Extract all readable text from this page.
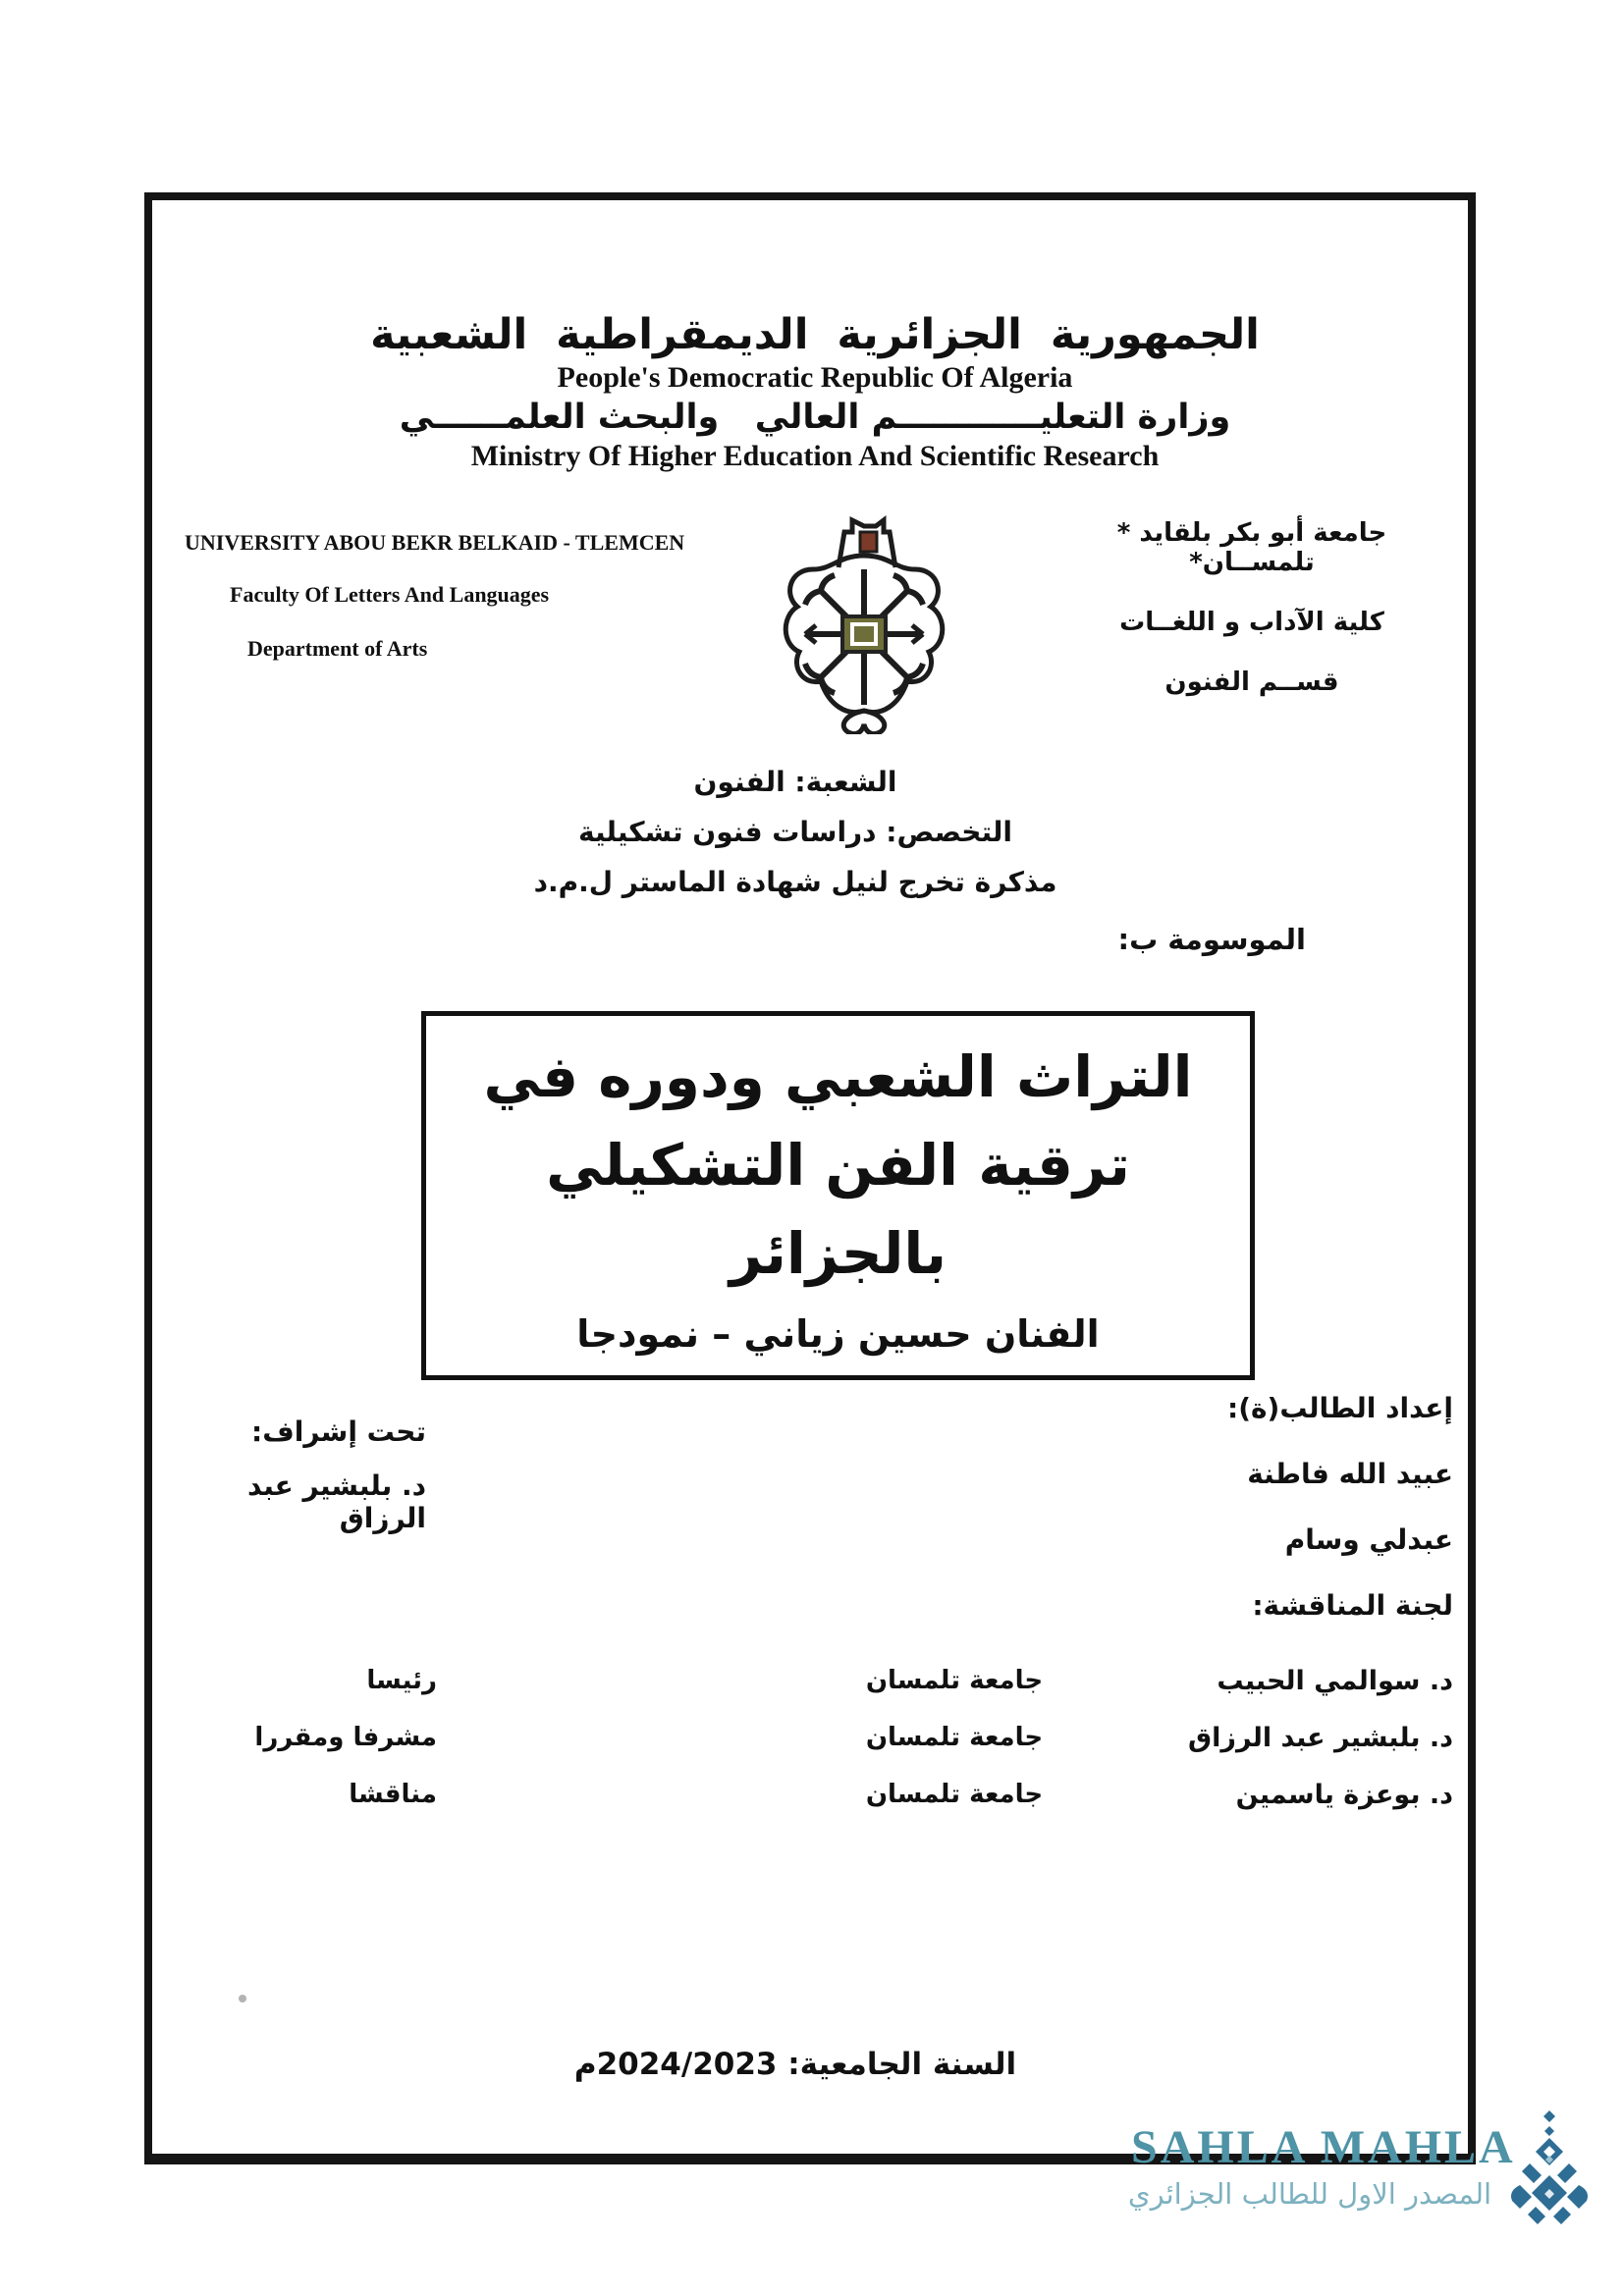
الجمهورية الجزائرية الديمقراطية الشعبية
People's Democratic Republic Of Algeria
وزارة التعليــــــــــــم العالي   والبحث العلمــــــي
Ministry Of Higher Education And Scientific Research
UNIVERSITY ABOU BEKR BELKAID - TLEMCEN
Faculty Of Letters And Languages
Department of Arts
جامعة أبو بكر بلقايد * تلمســان*
كلية الآداب و اللغــات
قســم الفنون
الشعبة: الفنون
التخصص: دراسات فنون تشكيلية
مذكرة تخرج لنيل شهادة الماستر ل.م.د
الموسومة ب:
التراث الشعبي ودوره في
ترقية الفن التشكيلي بالجزائر
الفنان حسين زياني – نمودجا
إعداد الطالب(ة):
عبيد الله فاطنة
عبدلي وسام
لجنة المناقشة:
تحت إشراف:
د. بلبشير عبد الرزاق
د. سوالمي الحبيب
جامعة تلمسان
رئيسا
د. بلبشير عبد الرزاق
جامعة تلمسان
مشرفا ومقررا
د. بوعزة ياسمين
جامعة تلمسان
مناقشا
السنة الجامعية: 2024/2023م
SAHLA MAHLA
المصدر الاول للطالب الجزائري
